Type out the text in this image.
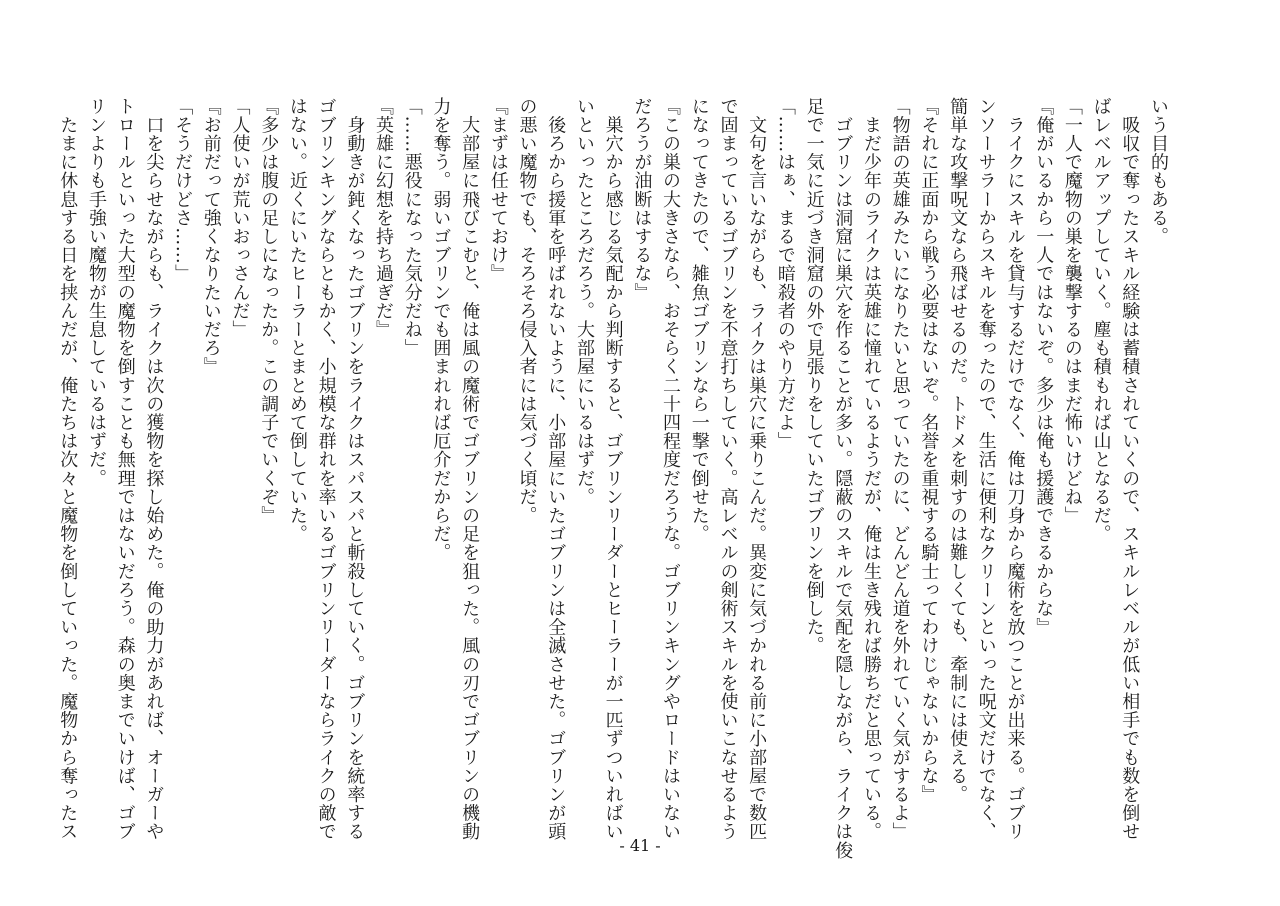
いう目的もある。
　吸収で奪ったスキル経験は蓄積されていくので、スキルレベルが低い相手でも数を倒せ
ばレベルアップしていく。塵も積もれば山となるだ。
「一人で魔物の巣を襲撃するのはまだ怖いけどね」
『俺がいるから一人ではないぞ。多少は俺も援護できるからな』
　ライクにスキルを貸与するだけでなく、俺は刀身から魔術を放つことが出来る。ゴブリ
ンソーサラーからスキルを奪ったので、生活に便利なクリーンといった呪文だけでなく、
簡単な攻撃呪文なら飛ばせるのだ。トドメを刺すのは難しくても、牽制には使える。
『それに正面から戦う必要はないぞ。名誉を重視する騎士ってわけじゃないからな』
「物語の英雄みたいになりたいと思っていたのに、どんどん道を外れていく気がするよ」
　まだ少年のライクは英雄に憧れているようだが、俺は生き残れば勝ちだと思っている。
　ゴブリンは洞窟に巣穴を作ることが多い。隠蔽のスキルで気配を隠しながら、ライクは俊
足で一気に近づき洞窟の外で見張りをしていたゴブリンを倒した。
「……はぁ、まるで暗殺者のやり方だよ」
　文句を言いながらも、ライクは巣穴に乗りこんだ。異変に気づかれる前に小部屋で数匹
で固まっているゴブリンを不意打ちしていく。高レベルの剣術スキルを使いこなせるよう
になってきたので、雑魚ゴブリンなら一撃で倒せた。
『この巣の大きさなら、おそらく二十四程度だろうな。ゴブリンキングやロードはいない
だろうが油断はするな』
　巣穴から感じる気配から判断すると、ゴブリンリーダーとヒーラーが一匹ずついればい
いといったところだろう。大部屋にいるはずだ。
　後ろから援軍を呼ばれないように、小部屋にいたゴブリンは全滅させた。ゴブリンが頭
の悪い魔物でも、そろそろ侵入者には気づく頃だ。
『まずは任せておけ』
　大部屋に飛びこむと、俺は風の魔術でゴブリンの足を狙った。風の刃でゴブリンの機動
力を奪う。弱いゴブリンでも囲まれれば厄介だからだ。
「……悪役になった気分だね」
『英雄に幻想を持ち過ぎだ』
　身動きが鈍くなったゴブリンをライクはスパスパと斬殺していく。ゴブリンを統率する
ゴブリンキングならともかく、小規模な群れを率いるゴブリンリーダーならライクの敵で
はない。近くにいたヒーラーとまとめて倒していた。
『多少は腹の足しになったか。この調子でいくぞ』
「人使いが荒いおっさんだ」
『お前だって強くなりたいだろ』
「そうだけどさ……」
　口を尖らせながらも、ライクは次の獲物を探し始めた。俺の助力があれば、オーガーや
トロールといった大型の魔物を倒すことも無理ではないだろう。森の奥までいけば、ゴブ
リンよりも手強い魔物が生息しているはずだ。
　たまに休息する日を挟んだが、俺たちは次々と魔物を倒していった。魔物から奪ったス
- 41 -
